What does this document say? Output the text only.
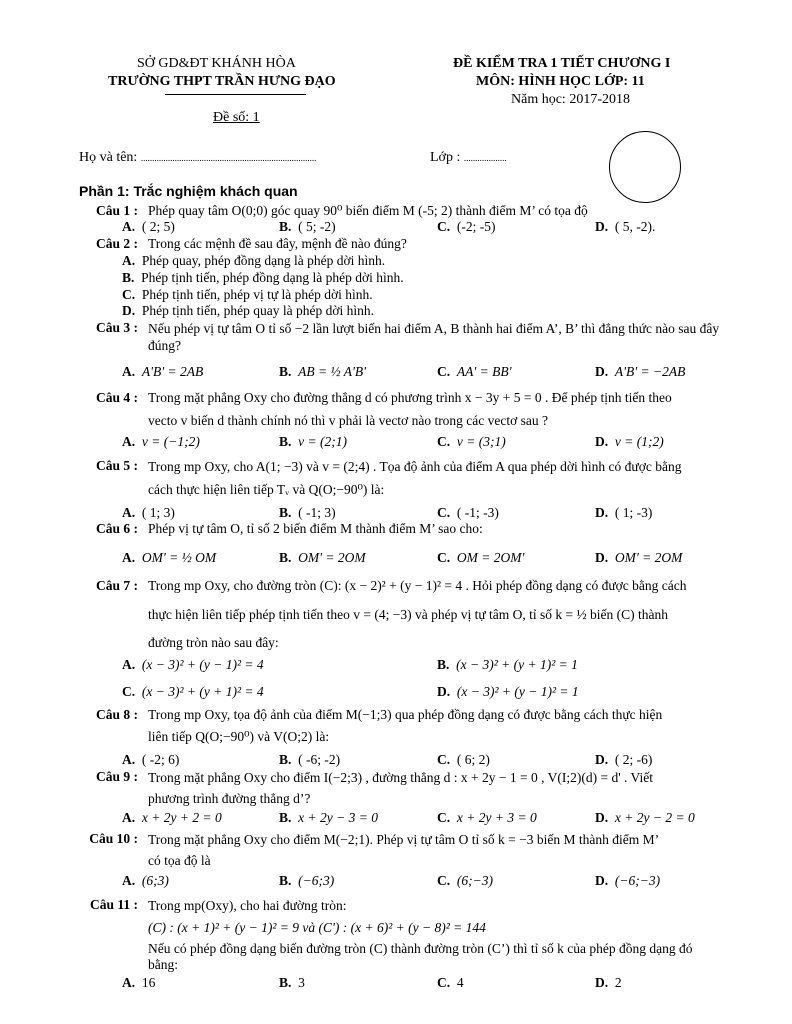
SỞ GD&ĐT KHÁNH HÒA
TRƯỜNG THPT TRẦN HƯNG ĐẠO
Đề số: 1
ĐỀ KIỂM TRA 1 TIẾT CHƯƠNG I
MÔN: HÌNH HỌC LỚP: 11
Năm học: 2017-2018
Họ và tên: ..............................................................................	Lớp : ...................
Phần 1: Trắc nghiệm khách quan
Câu 1 : Phép quay tâm O(0;0) góc quay 90⁰ biến điểm M (-5; 2) thành điểm M’ có tọa độ
A. ( 2; 5)	B. ( 5; -2)	C. (-2; -5)	D. ( 5, -2).
Câu 2 : Trong các mệnh đề sau đây, mệnh đề nào đúng?
A. Phép quay, phép đồng dạng là phép dời hình.
B. Phép tịnh tiến, phép đồng dạng là phép dời hình.
C. Phép tịnh tiến, phép vị tự là phép dời hình.
D. Phép tịnh tiến, phép quay là phép dời hình.
Câu 3 : Nếu phép vị tự tâm O tỉ số −2 lần lượt biến hai điểm A, B thành hai điểm A’, B’ thì đẳng thức nào sau đây đúng?
A. A'B' = 2AB	B. AB = ½ A'B'	C. AA' = BB'	D. A'B' = −2AB
Câu 4 : Trong mặt phẳng Oxy cho đường thẳng d có phương trình x − 3y + 5 = 0 . Để phép tịnh tiến theo
vecto v biến d thành chính nó thì v phải là vectơ nào trong các vectơ sau ?
A. v = (−1;2)	B. v = (2;1)	C. v = (3;1)	D. v = (1;2)
Câu 5 : Trong mp Oxy, cho A(1; −3) và v = (2;4) . Tọa độ ảnh của điểm A qua phép dời hình có được bằng
cách thực hiện liên tiếp Tᵥ và Q(O;−90⁰) là:
A. ( 1; 3)	B. ( -1; 3)	C. ( -1; -3)	D. ( 1; -3)
Câu 6 : Phép vị tự tâm O, tỉ số 2 biến điểm M thành điểm M’ sao cho:
A. OM' = ½ OM	B. OM' = 2OM	C. OM = 2OM'	D. OM' = 2OM
Câu 7 : Trong mp Oxy, cho đường tròn (C): (x − 2)² + (y − 1)² = 4 . Hỏi phép đồng dạng có được bằng cách
thực hiện liên tiếp phép tịnh tiến theo v = (4; −3) và phép vị tự tâm O, tỉ số k = ½ biến (C) thành
đường tròn nào sau đây:
A. (x − 3)² + (y − 1)² = 4	B. (x − 3)² + (y + 1)² = 1
C. (x − 3)² + (y + 1)² = 4	D. (x − 3)² + (y − 1)² = 1
Câu 8 : Trong mp Oxy, tọa độ ảnh của điểm M(−1;3) qua phép đồng dạng có được bằng cách thực hiện
liên tiếp Q(O;−90⁰) và V(O;2) là:
A. ( -2; 6)	B. ( -6; -2)	C. ( 6; 2)	D. ( 2; -6)
Câu 9 : Trong mặt phẳng Oxy cho điểm I(−2;3) , đường thẳng d : x + 2y − 1 = 0 , V(I;2)(d) = d' . Viết
phương trình đường thẳng d’?
A. x + 2y + 2 = 0	B. x + 2y − 3 = 0	C. x + 2y + 3 = 0	D. x + 2y − 2 = 0
Câu 10 : Trong mặt phẳng Oxy cho điểm M(−2;1). Phép vị tự tâm O tỉ số k = −3 biến M thành điểm M’
có tọa độ là
A. (6;3)	B. (−6;3)	C. (6;−3)	D. (−6;−3)
Câu 11 : Trong mp(Oxy), cho hai đường tròn:
(C) : (x + 1)² + (y − 1)² = 9 và (C') : (x + 6)² + (y − 8)² = 144
Nếu có phép đồng dạng biến đường tròn (C) thành đường tròn (C’) thì tỉ số k của phép đồng dạng đó
bằng:
A. 16	B. 3	C. 4	D. 2
